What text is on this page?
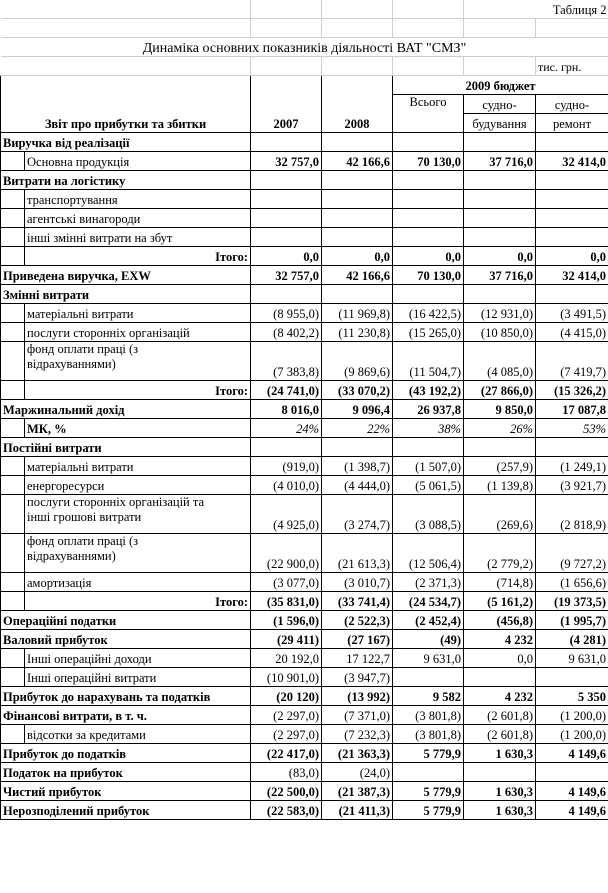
					Таблиця 2	

Динаміка основних показників діяльності ВАТ "СМЗ"						
						тис. грн.
Звіт про прибутки та збитки		2007	2008	2009 бюджет		
				Всього	судно-	судно-
					будування	ремонт
Виручка від реалізації						
	Основна продукція	32 757,0	42 166,6	70 130,0	37 716,0	32 414,0
Витрати на логістику						
	транспортування					
	агентські винагороди					
	інші змінні витрати на збут					
	Ітого:	0,0	0,0	0,0	0,0	0,0
Приведена виручка, EXW		32 757,0	42 166,6	70 130,0	37 716,0	32 414,0
Змінні витрати						
	матеріальні витрати	(8 955,0)	(11 969,8)	(16 422,5)	(12 931,0)	(3 491,5)
	послуги сторонніх організацій	(8 402,2)	(11 230,8)	(15 265,0)	(10 850,0)	(4 415,0)

	фонд оплати праці (з
відрахуваннями)	(7 383,8)	(9 869,6)	(11 504,7)	(4 085,0)	(7 419,7)
	Ітого:	(24 741,0)	(33 070,2)	(43 192,2)	(27 866,0)	(15 326,2)
Маржинальний дохід		8 016,0	9 096,4	26 937,8	9 850,0	17 087,8
	МК, %	24%	22%	38%	26%	53%
Постійні витрати						
	матеріальні витрати	(919,0)	(1 398,7)	(1 507,0)	(257,9)	(1 249,1)
	енергоресурси	(4 010,0)	(4 444,0)	(5 061,5)	(1 139,8)	(3 921,7)

	послуги сторонніх організацій та
інші грошові витрати	(4 925,0)	(3 274,7)	(3 088,5)	(269,6)	(2 818,9)

	фонд оплати праці (з
відрахуваннями)	(22 900,0)	(21 613,3)	(12 506,4)	(2 779,2)	(9 727,2)
	амортизація	(3 077,0)	(3 010,7)	(2 371,3)	(714,8)	(1 656,6)
	Ітого:	(35 831,0)	(33 741,4)	(24 534,7)	(5 161,2)	(19 373,5)
Операційні податки		(1 596,0)	(2 522,3)	(2 452,4)	(456,8)	(1 995,7)
Валовий прибуток		(29 411)	(27 167)	(49)	4 232	(4 281)
	Інші операційні доходи	20 192,0	17 122,7	9 631,0	0,0	9 631,0
	Інші операційні витрати	(10 901,0)	(3 947,7)			
Прибуток до нарахувань та податків		(20 120)	(13 992)	9 582	4 232	5 350
Фінансові витрати, в т. ч.		(2 297,0)	(7 371,0)	(3 801,8)	(2 601,8)	(1 200,0)
	відсотки за кредитами	(2 297,0)	(7 232,3)	(3 801,8)	(2 601,8)	(1 200,0)
Прибуток до податків		(22 417,0)	(21 363,3)	5 779,9	1 630,3	4 149,6
Податок на прибуток		(83,0)	(24,0)			
Чистий прибуток		(22 500,0)	(21 387,3)	5 779,9	1 630,3	4 149,6
Нерозподілений прибуток		(22 583,0)	(21 411,3)	5 779,9	1 630,3	4 149,6
